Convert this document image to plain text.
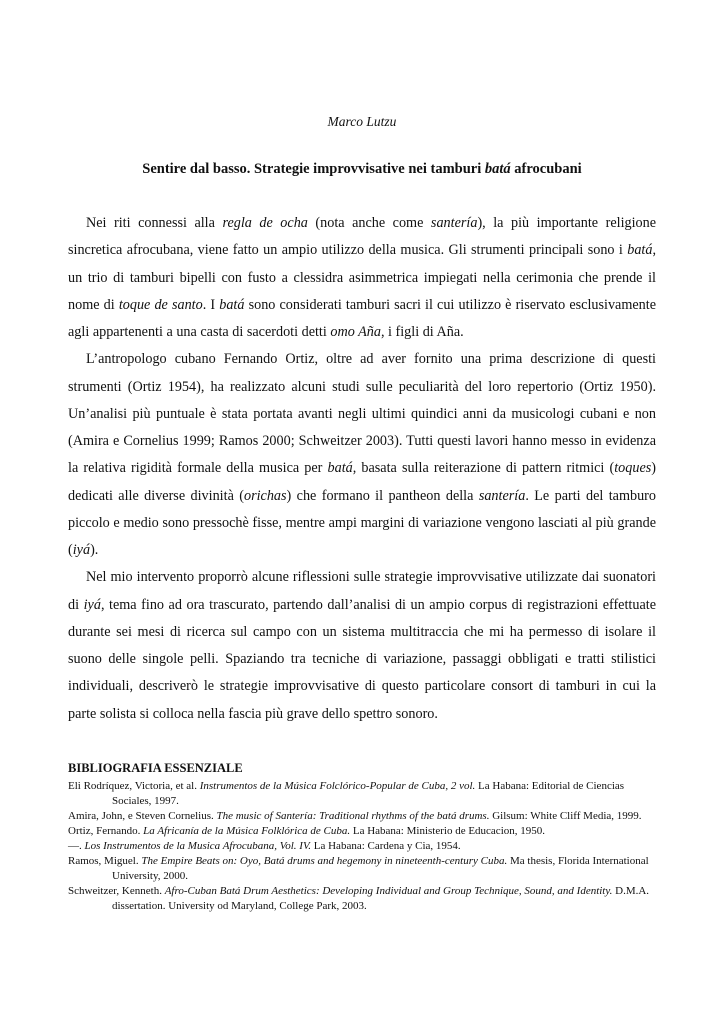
Marco Lutzu
Sentire dal basso. Strategie improvvisative nei tamburi batá afrocubani

Nei riti connessi alla regla de ocha (nota anche come santería), la più importante religione sincretica afrocubana, viene fatto un ampio utilizzo della musica. Gli strumenti principali sono i batá, un trio di tamburi bipelli con fusto a clessidra asimmetrica impiegati nella cerimonia che prende il nome di toque de santo. I batá sono considerati tamburi sacri il cui utilizzo è riservato esclusivamente agli appartenenti a una casta di sacerdoti detti omo Aña, i figli di Aña.

L’antropologo cubano Fernando Ortiz, oltre ad aver fornito una prima descrizione di questi strumenti (Ortiz 1954), ha realizzato alcuni studi sulle peculiarità del loro repertorio (Ortiz 1950). Un’analisi più puntuale è stata portata avanti negli ultimi quindici anni da musicologi cubani e non (Amira e Cornelius 1999; Ramos 2000; Schweitzer 2003). Tutti questi lavori hanno messo in evidenza la relativa rigidità formale della musica per batá, basata sulla reiterazione di pattern ritmici (toques) dedicati alle diverse divinità (orichas) che formano il pantheon della santería. Le parti del tamburo piccolo e medio sono pressochè fisse, mentre ampi margini di variazione vengono lasciati al più grande (iyá).

Nel mio intervento proporrò alcune riflessioni sulle strategie improvvisative utilizzate dai suonatori di iyá, tema fino ad ora trascurato, partendo dall’analisi di un ampio corpus di registrazioni effettuate durante sei mesi di ricerca sul campo con un sistema multitraccia che mi ha permesso di isolare il suono delle singole pelli. Spaziando tra tecniche di variazione, passaggi obbligati e tratti stilistici individuali, descriverò le strategie improvvisative di questo particolare consort di tamburi in cui la parte solista si colloca nella fascia più grave dello spettro sonoro.

BIBLIOGRAFIA ESSENZIALE
Eli Rodríquez, Victoria, et al. Instrumentos de la Música Folclórico-Popular de Cuba, 2 vol. La Habana: Editorial de Ciencias Sociales, 1997.
Amira, John, e Steven Cornelius. The music of Santería: Traditional rhythms of the batá drums. Gilsum: White Cliff Media, 1999.
Ortiz, Fernando. La Africanía de la Música Folklórica de Cuba. La Habana: Ministerio de Educacion, 1950.
—. Los Instrumentos de la Musica Afrocubana, Vol. IV. La Habana: Cardena y Cia, 1954.
Ramos, Miguel. The Empire Beats on: Oyo, Batá drums and hegemony in nineteenth-century Cuba. Ma thesis, Florida International University, 2000.
Schweitzer, Kenneth. Afro-Cuban Batá Drum Aesthetics: Developing Individual and Group Technique, Sound, and Identity. D.M.A. dissertation. University od Maryland, College Park, 2003.
